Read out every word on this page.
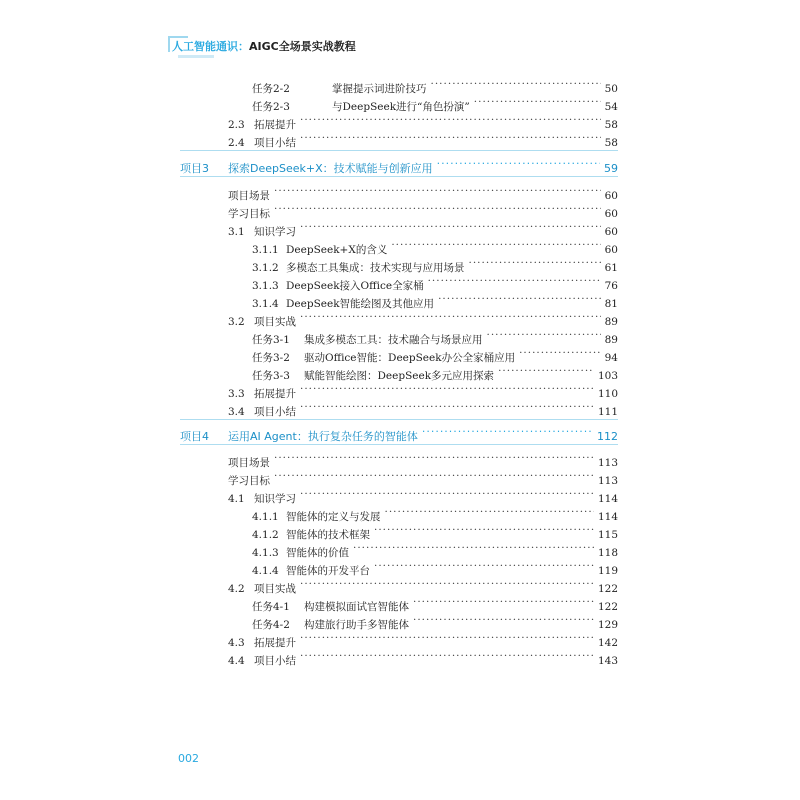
人工智能通识：AIGC全场景实战教程
任务2-2	掌握提示词进阶技巧 ·····	50
任务2-3	与DeepSeek进行“角色扮演” ·····	54
2.3 拓展提升 ·····	58
2.4 项目小结 ·····	58
项目3	探索DeepSeek+X：技术赋能与创新应用 ·····	59
项目场景 ·····	60
学习目标 ·····	60
3.1 知识学习 ·····	60
3.1.1 DeepSeek+X的含义 ·····	60
3.1.2 多模态工具集成：技术实现与应用场景 ·····	61
3.1.3 DeepSeek接入Office全家桶 ·····	76
3.1.4 DeepSeek智能绘图及其他应用 ·····	81
3.2 项目实战 ·····	89
任务3-1	集成多模态工具：技术融合与场景应用 ·····	89
任务3-2	驱动Office智能：DeepSeek办公全家桶应用 ·····	94
任务3-3	赋能智能绘图：DeepSeek多元应用探索 ·····	103
3.3 拓展提升 ·····	110
3.4 项目小结 ·····	111
项目4	运用AI Agent：执行复杂任务的智能体 ·····	112
项目场景 ·····	113
学习目标 ·····	113
4.1 知识学习 ·····	114
4.1.1 智能体的定义与发展 ·····	114
4.1.2 智能体的技术框架 ·····	115
4.1.3 智能体的价值 ·····	118
4.1.4 智能体的开发平台 ·····	119
4.2 项目实战 ·····	122
任务4-1	构建模拟面试官智能体 ·····	122
任务4-2	构建旅行助手多智能体 ·····	129
4.3 拓展提升 ·····	142
4.4 项目小结 ·····	143
002
